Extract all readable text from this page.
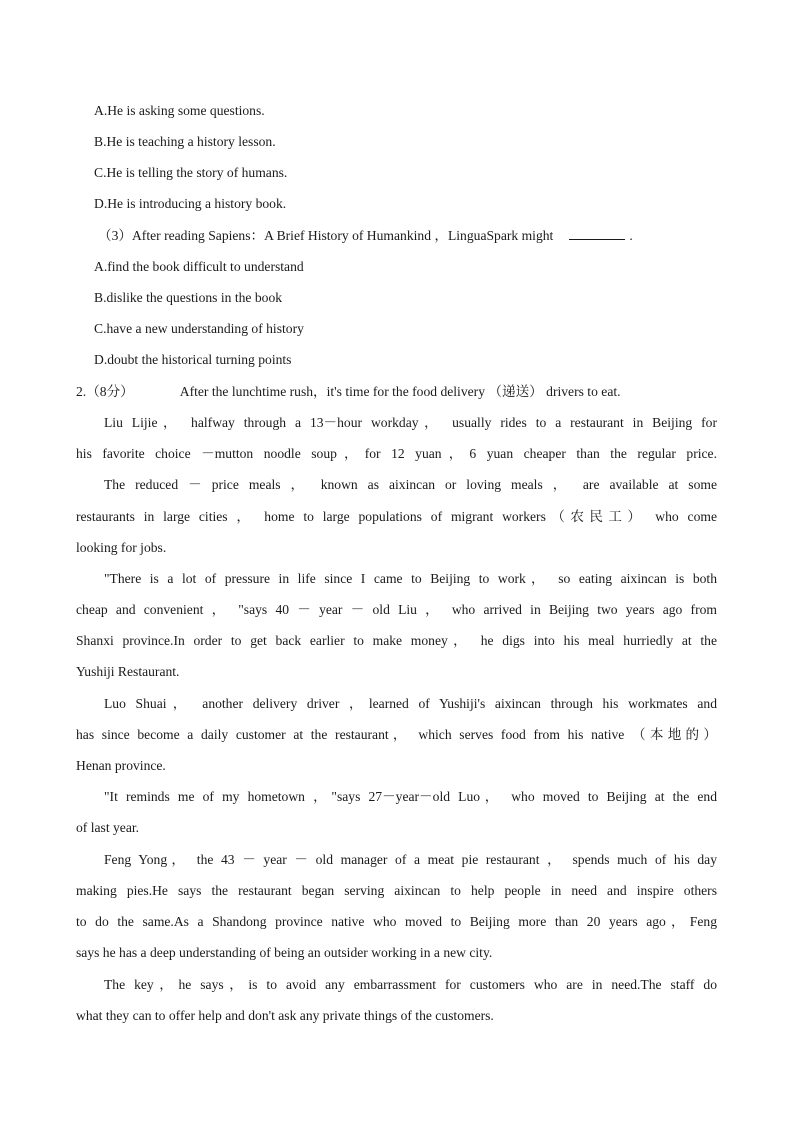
A.He is asking some questions.
B.He is teaching a history lesson.
C.He is telling the story of humans.
D.He is introducing a history book.
（3）After reading Sapiens：A Brief History of Humankind ，LinguaSpark might	.
A.find the book difficult to understand
B.dislike the questions in the book
C.have a new understanding of history
D.doubt the historical turning points
2.（8分）	After the lunchtime rush，it's time for the food delivery （递送） drivers to eat.
Liu Lijie， halfway through a 13－hour workday， usually rides to a restaurant in Beijing for
his favorite choice －mutton noodle soup，for 12 yuan，6 yuan cheaper than the regular price.
The reduced － price meals ， known as aixincan or loving meals ， are available at some
restaurants in large cities ， home to large populations of migrant workers（农民工） who come
looking for jobs.
"There is a lot of pressure in life since I came to Beijing to work， so eating aixincan is both
cheap and convenient ， "says 40 － year － old Liu ， who arrived in Beijing two years ago from
Shanxi province.In order to get back earlier to make money， he digs into his meal hurriedly at the
Yushiji Restaurant.
Luo Shuai， another delivery driver ，learned of Yushiji's aixincan through his workmates and
has since become a daily customer at the restaurant， which serves food from his native （本地的）
Henan province.
"It reminds me of my hometown ，"says 27－year－old Luo， who moved to Beijing at the end
of last year.
Feng Yong， the 43 － year － old manager of a meat pie restaurant ， spends much of his day
making pies.He says the restaurant began serving aixincan to help people in need and inspire others
to do the same.As a Shandong province native who moved to Beijing more than 20 years ago，Feng
says he has a deep understanding of being an outsider working in a new city.
The key，he says，is to avoid any embarrassment for customers who are in need.The staff do
what they can to offer help and don't ask any private things of the customers.
